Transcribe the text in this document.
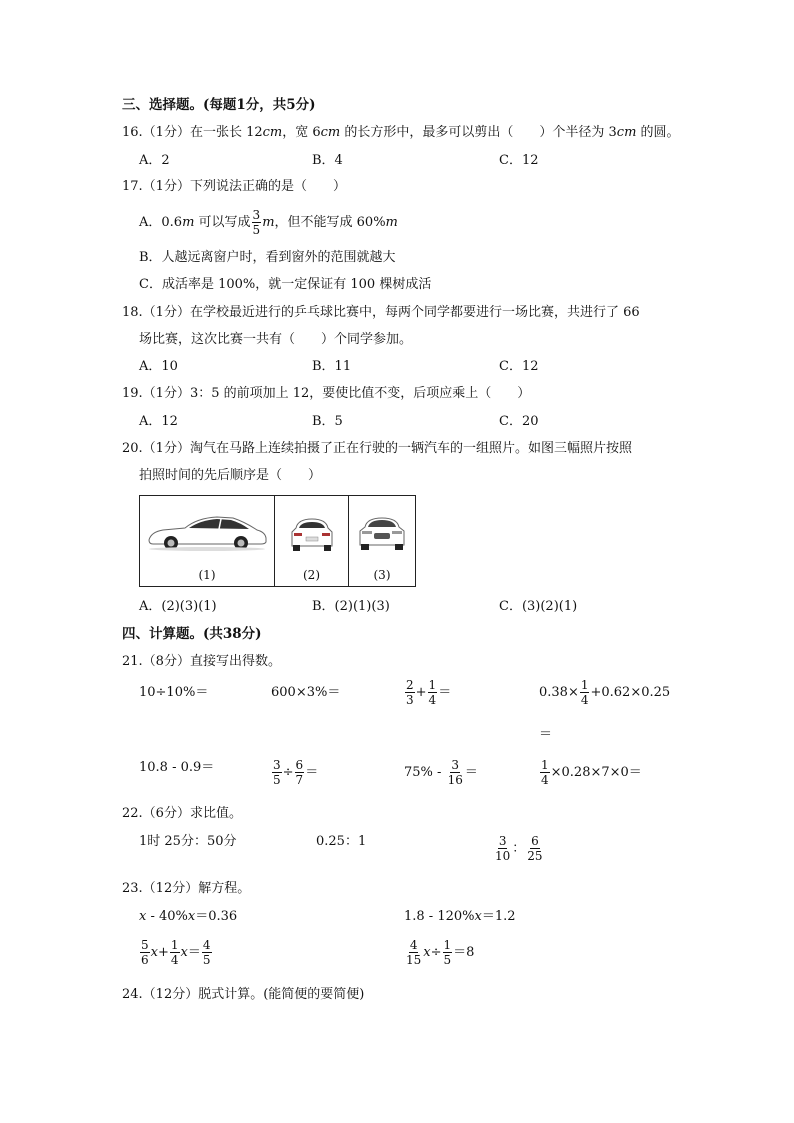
三、选择题。(每题1分，共5分)
16.（1分）在一张长 12cm，宽 6cm 的长方形中，最多可以剪出（　　）个半径为 3cm 的圆。
A．2	B．4	C．12
17.（1分）下列说法正确的是（　　）
A．0.6m 可以写成 $\frac{3}{5}$ m，但不能写成 60%m
B．人越远离窗户时，看到窗外的范围就越大
C．成活率是 100%，就一定保证有 100 棵树成活
18.（1分）在学校最近进行的乒乓球比赛中，每两个同学都要进行一场比赛，共进行了 66
场比赛，这次比赛一共有（　　）个同学参加。
A．10	B．11	C．12
19.（1分）3：5 的前项加上 12，要使比值不变，后项应乘上（　　）
A．12	B．5	C．20
20.（1分）淘气在马路上连续拍摄了正在行驶的一辆汽车的一组照片。如图三幅照片按照
拍照时间的先后顺序是（　　）
(1)	(2)	(3)
A．(2)(3)(1)	B．(2)(1)(3)	C．(3)(2)(1)
四、计算题。(共38分)
21.（8分）直接写出得数。
10÷10%＝	600×3%＝	$\frac{2}{3} + \frac{1}{4}$ ＝	$0.38\times \frac{1}{4} +0.62\times 0.25$
＝
10.8 - 0.9＝	$\frac{3}{5} \div \frac{6}{7}$ ＝	$75\% - \frac{3}{16}$ ＝	$\frac{1}{4} \times 0.28\times 7\times 0=$
22.（6分）求比值。
1时 25分：50分	0.25：1	$\frac{3}{10}$ ： $\frac{6}{25}$
23.（12分）解方程。
x - 40%x＝0.36	1.8 - 120%x＝1.2
$\frac{5}{6} x+ \frac{1}{4} x= \frac{4}{5}$	$\frac{4}{15} x\div \frac{1}{5} =8$
24.（12分）脱式计算。(能简便的要简便)
